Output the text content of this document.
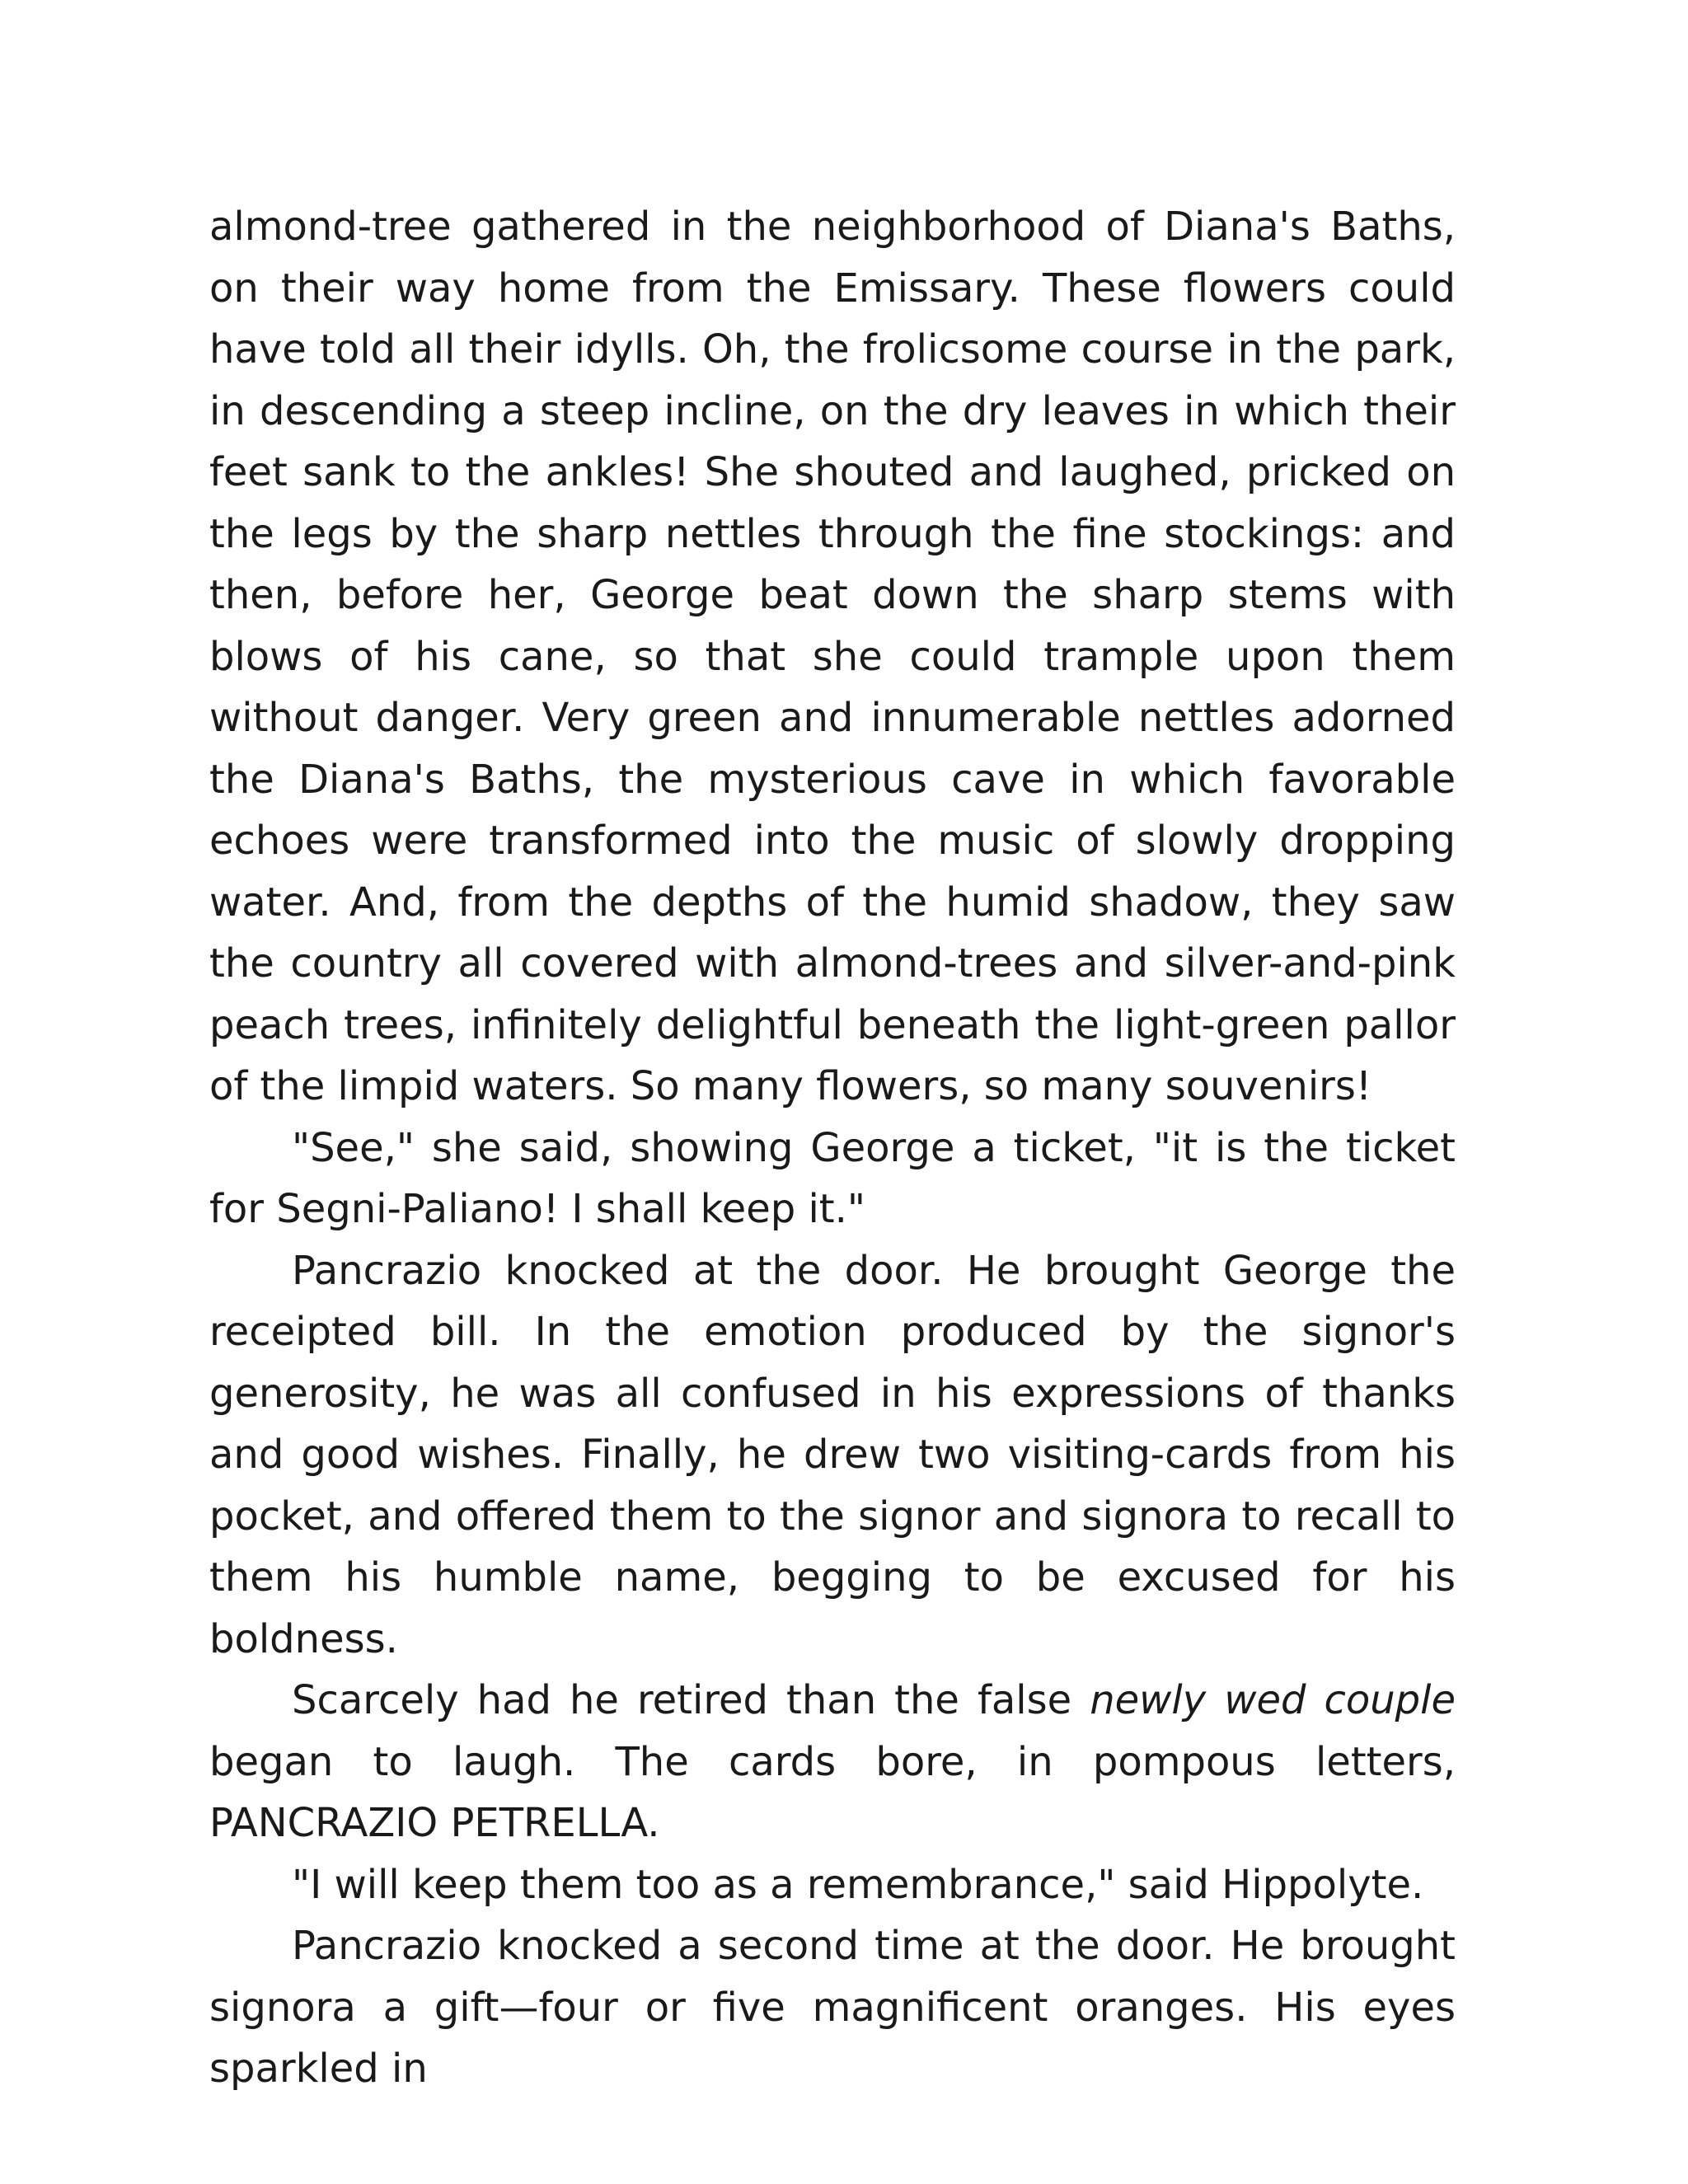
almond-tree gathered in the neighborhood of Diana's Baths, on their way home from the Emissary. These flowers could have told all their idylls. Oh, the frolicsome course in the park, in descending a steep incline, on the dry leaves in which their feet sank to the ankles! She shouted and laughed, pricked on the legs by the sharp nettles through the fine stockings: and then, before her, George beat down the sharp stems with blows of his cane, so that she could trample upon them without danger. Very green and innumerable nettles adorned the Diana's Baths, the mysterious cave in which favorable echoes were transformed into the music of slowly dropping water. And, from the depths of the humid shadow, they saw the country all covered with almond-trees and silver-and-pink peach trees, infinitely delightful beneath the light-green pallor of the limpid waters. So many flowers, so many souvenirs!

"See," she said, showing George a ticket, "it is the ticket for Segni-Paliano! I shall keep it."

Pancrazio knocked at the door. He brought George the receipted bill. In the emotion produced by the signor's generosity, he was all confused in his expressions of thanks and good wishes. Finally, he drew two visiting-cards from his pocket, and offered them to the signor and signora to recall to them his humble name, begging to be excused for his boldness.

Scarcely had he retired than the false newly wed couple began to laugh. The cards bore, in pompous letters, PANCRAZIO PETRELLA.

"I will keep them too as a remembrance," said Hippolyte.

Pancrazio knocked a second time at the door. He brought signora a gift—four or five magnificent oranges. His eyes sparkled in
